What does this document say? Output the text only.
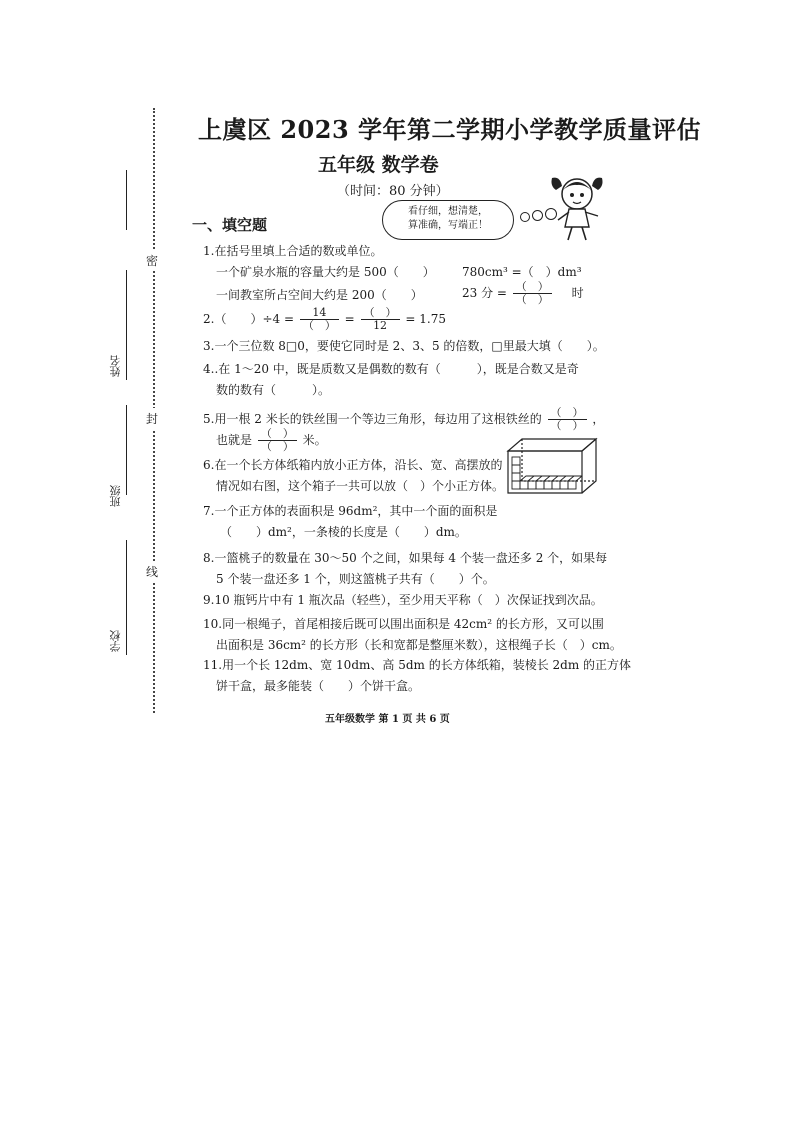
密
封
线
姓名
班级
学校
上虞区 2023 学年第二学期小学教学质量评估
五年级 数学卷
（时间：80 分钟）
看仔细，想清楚，
算准确，写端正！
一、填空题
1.在括号里填上合适的数或单位。
一个矿泉水瓶的容量大约是 500（　　） 780cm³ =（　）dm³
一间教室所占空间大约是 200（　　）	23 分 = $\frac{( )}{( )}$ 时
2.（　　）$\div 4 = \frac{14}{( )} = \frac{( )}{12} = 1.75$
3.一个三位数 8□0，要使它同时是 2、3、5 的倍数，□里最大填（　　）。
4..在 1～20 中，既是质数又是偶数的数有（　　　），既是合数又是奇
数的数有（　　　）。
5.用一根 2 米长的铁丝围一个等边三角形，每边用了这根铁丝的 $\frac{( )}{( )}$ ，
也就是 $\frac{( )}{( )}$ 米。
6.在一个长方体纸箱内放小正方体，沿长、宽、高摆放的
情况如右图，这个箱子一共可以放（　）个小正方体。
7.一个正方体的表面积是 96dm²，其中一个面的面积是
（　　）dm²，一条棱的长度是（　　）dm。
8.一篮桃子的数量在 30～50 个之间，如果每 4 个装一盘还多 2 个，如果每
5 个装一盘还多 1 个，则这篮桃子共有（　　）个。
9.10 瓶钙片中有 1 瓶次品（轻些），至少用天平称（　）次保证找到次品。
10.同一根绳子，首尾相接后既可以围出面积是 42cm² 的长方形，又可以围
出面积是 36cm² 的长方形（长和宽都是整厘米数），这根绳子长（　）cm。
11.用一个长 12dm、宽 10dm、高 5dm 的长方体纸箱，装棱长 2dm 的正方体
饼干盒，最多能装（　　）个饼干盒。
五年级数学 第 1 页 共 6 页
